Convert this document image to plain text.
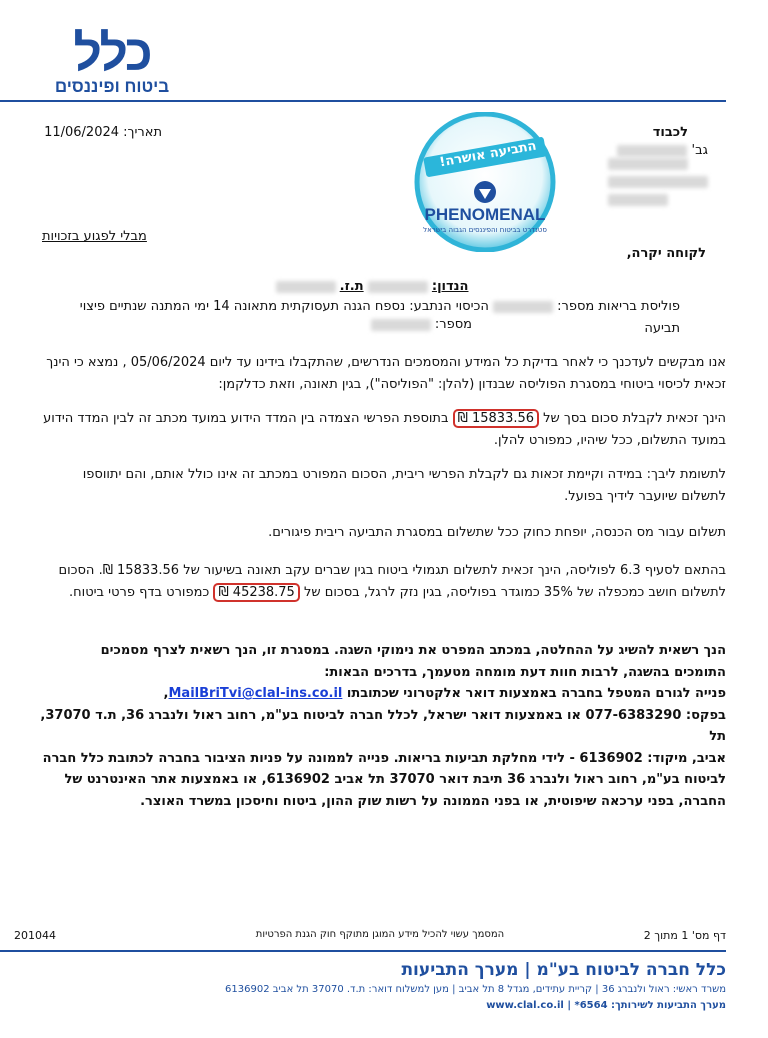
כלל
ביטוח ופיננסים
תאריך: 11/06/2024	לכבוד
גב'
התביעה אושרה!
PHENOMENAL
סטנדרט בביטוח והפיננסים הגבוה בישראל
מבלי לפגוע בזכויות
לקוחה יקרה,
הנדון:  ת.ז.
פוליסת בריאות מספר:  הכיסוי הנתבע: נספח הגנה תעסוקתית מתאונה 14 ימי המתנה שנתיים פיצוי תביעה
מספר:
אנו מבקשים לעדכנך כי לאחר בדיקת כל המידע והמסמכים הנדרשים, שהתקבלו בידינו עד ליום 05/06/2024 , נמצא כי הינך זכאית לכיסוי ביטוחי במסגרת הפוליסה שבנדון (להלן: "הפוליסה"), בגין תאונה, וזאת כדלקמן:
הינך זכאית לקבלת סכום בסך של 15833.56 ₪ בתוספת הפרשי הצמדה בין המדד הידוע במועד מכתב זה לבין המדד הידוע במועד התשלום, ככל שיהיו, כמפורט להלן.
לתשומת ליבך: במידה וקיימת זכאות גם לקבלת הפרשי ריבית, הסכום המפורט במכתב זה אינו כולל אותם, והם יתווספו לתשלום שיועבר לידיך בפועל.
תשלום עבור מס הכנסה, יופחת כחוק ככל שתשלום במסגרת התביעה ריבית פיגורים.
בהתאם לסעיף 6.3 לפוליסה, הינך זכאית לתשלום תגמולי ביטוח בגין שברים עקב תאונה בשיעור של 15833.56 ₪. הסכום לתשלום חושב כמכפלה של 35% כמוגדר בפוליסה, בגין נזק לרגל, בסכום של 45238.75 ₪ כמפורט בדף פרטי ביטוח.
הנך רשאית להשיג על ההחלטה, במכתב המפרט את נימוקי השגה. במסגרת זו, הנך רשאית לצרף מסמכים
התומכים בהשגה, לרבות חוות דעת מומחה מטעמך, בדרכים הבאות:
פנייה לגורם המטפל בחברה באמצעות דואר אלקטרוני שכתובתו MailBriTvi@clal-ins.co.il,
בפקס: 077-6383290 או באמצעות דואר ישראל, לכלל חברה לביטוח בע"מ, רחוב ראול ולנברג 36, ת.ד 37070, תל
אביב, מיקוד: 6136902 - לידי מחלקת תביעות בריאות. פנייה לממונה על פניות הציבור בחברה לכתובת כלל חברה
לביטוח בע"מ, רחוב ראול ולנברג 36 תיבת דואר 37070 תל אביב 6136902, או באמצעות אתר האינטרנט של
החברה, בפני ערכאה שיפוטית, או בפני הממונה על רשות שוק ההון, ביטוח וחיסכון במשרד האוצר.
דף מס' 1 מתוך 2
המסמך עשוי להכיל מידע המוגן מתוקף חוק הגנת הפרטיות
201044
כלל חברה לביטוח בע"מ | מערך התביעות
משרד ראשי: ראול ולנברג 36 | קריית עתידים, מגדל 8 תל אביב | מען למשלוח דואר: ת.ד. 37070 תל אביב 6136902
מערך התביעות לשירותך: 6564* | www.clal.co.il
